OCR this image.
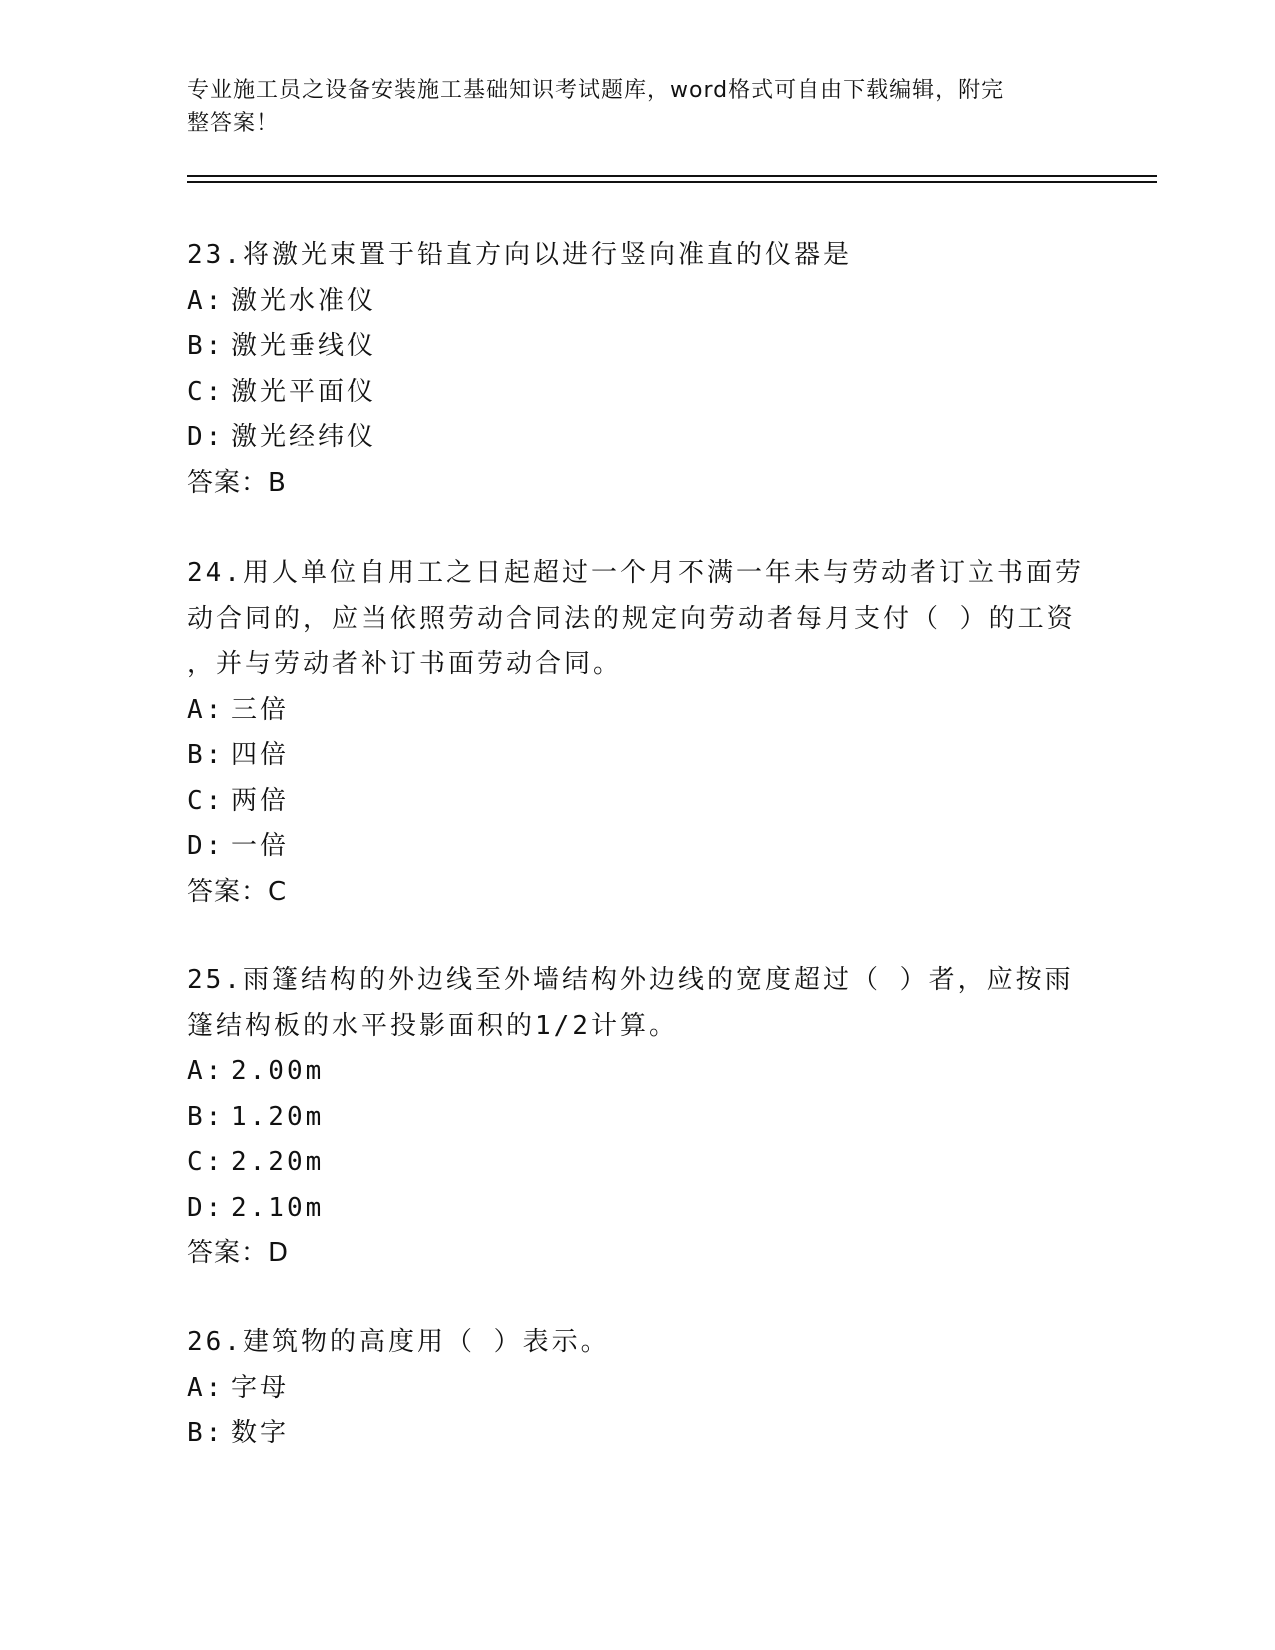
专业施工员之设备安装施工基础知识考试题库，word格式可自由下载编辑，附完
整答案！
23.将激光束置于铅直方向以进行竖向准直的仪器是
A: 激光水准仪
B: 激光垂线仪
C: 激光平面仪
D: 激光经纬仪
答案：B
24.用人单位自用工之日起超过一个月不满一年未与劳动者订立书面劳
动合同的，应当依照劳动合同法的规定向劳动者每月支付（ ）的工资
，并与劳动者补订书面劳动合同。
A: 三倍
B: 四倍
C: 两倍
D: 一倍
答案：C
25.雨篷结构的外边线至外墙结构外边线的宽度超过（ ）者，应按雨
篷结构板的水平投影面积的1/2计算。
A: 2.00m
B: 1.20m
C: 2.20m
D: 2.10m
答案：D
26.建筑物的高度用（ ）表示。
A: 字母
B: 数字
